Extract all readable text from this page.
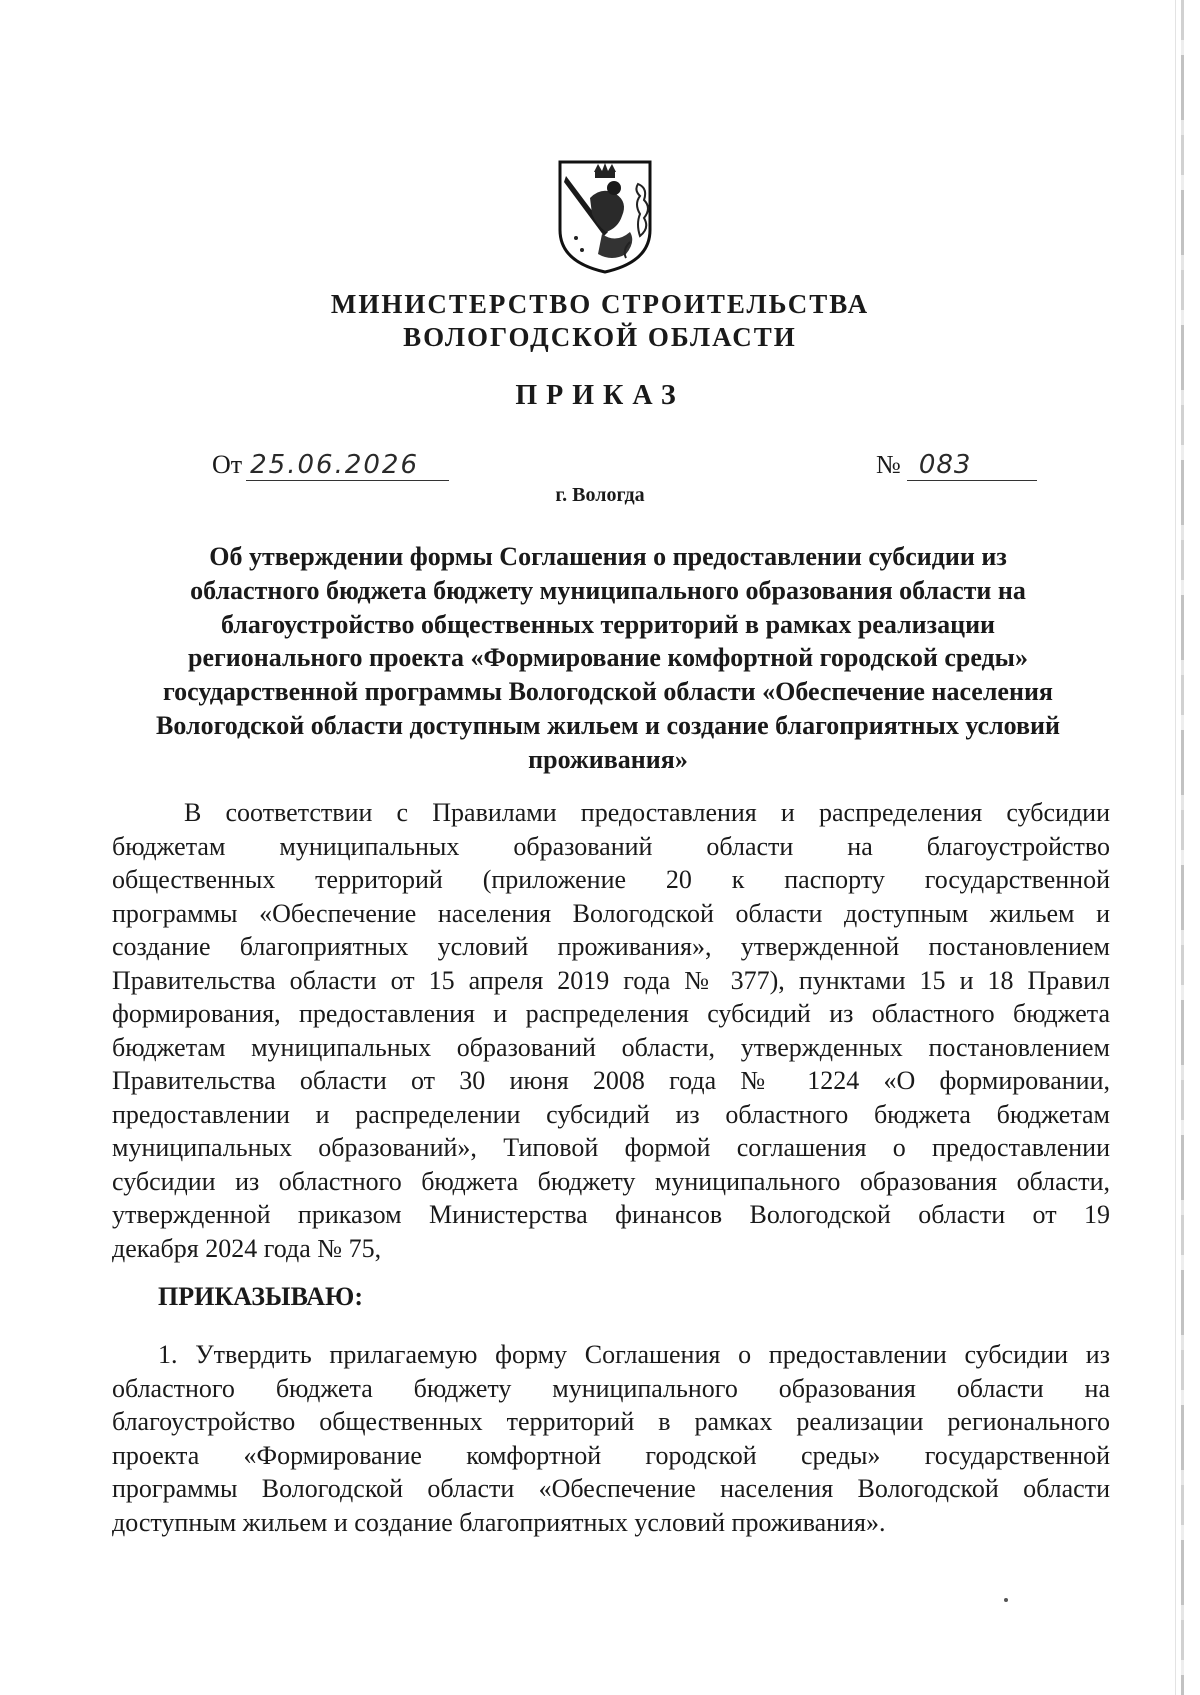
МИНИСТЕРСТВО СТРОИТЕЛЬСТВА
ВОЛОГОДСКОЙ ОБЛАСТИ
ПРИКАЗ
От 25.06.2026	№ 083
г. Вологда
Об утверждении формы Соглашения о предоставлении субсидии из
областного бюджета бюджету муниципального образования области на
благоустройство общественных территорий в рамках реализации
регионального проекта «Формирование комфортной городской среды»
государственной программы Вологодской области «Обеспечение населения
Вологодской области доступным жильем и создание благоприятных условий
проживания»
В соответствии с Правилами предоставления и распределения субсидии
бюджетам муниципальных образований области на благоустройство
общественных территорий (приложение 20 к паспорту государственной
программы «Обеспечение населения Вологодской области доступным жильем и
создание благоприятных условий проживания», утвержденной постановлением
Правительства области от 15 апреля 2019 года № 377), пунктами 15 и 18 Правил
формирования, предоставления и распределения субсидий из областного бюджета
бюджетам муниципальных образований области, утвержденных постановлением
Правительства области от 30 июня 2008 года № 1224 «О формировании,
предоставлении и распределении субсидий из областного бюджета бюджетам
муниципальных образований», Типовой формой соглашения о предоставлении
субсидии из областного бюджета бюджету муниципального образования области,
утвержденной приказом Министерства финансов Вологодской области от 19
декабря 2024 года № 75,
ПРИКАЗЫВАЮ:
1. Утвердить прилагаемую форму Соглашения о предоставлении субсидии из
областного бюджета бюджету муниципального образования области на
благоустройство общественных территорий в рамках реализации регионального
проекта «Формирование комфортной городской среды» государственной
программы Вологодской области «Обеспечение населения Вологодской области
доступным жильем и создание благоприятных условий проживания».
